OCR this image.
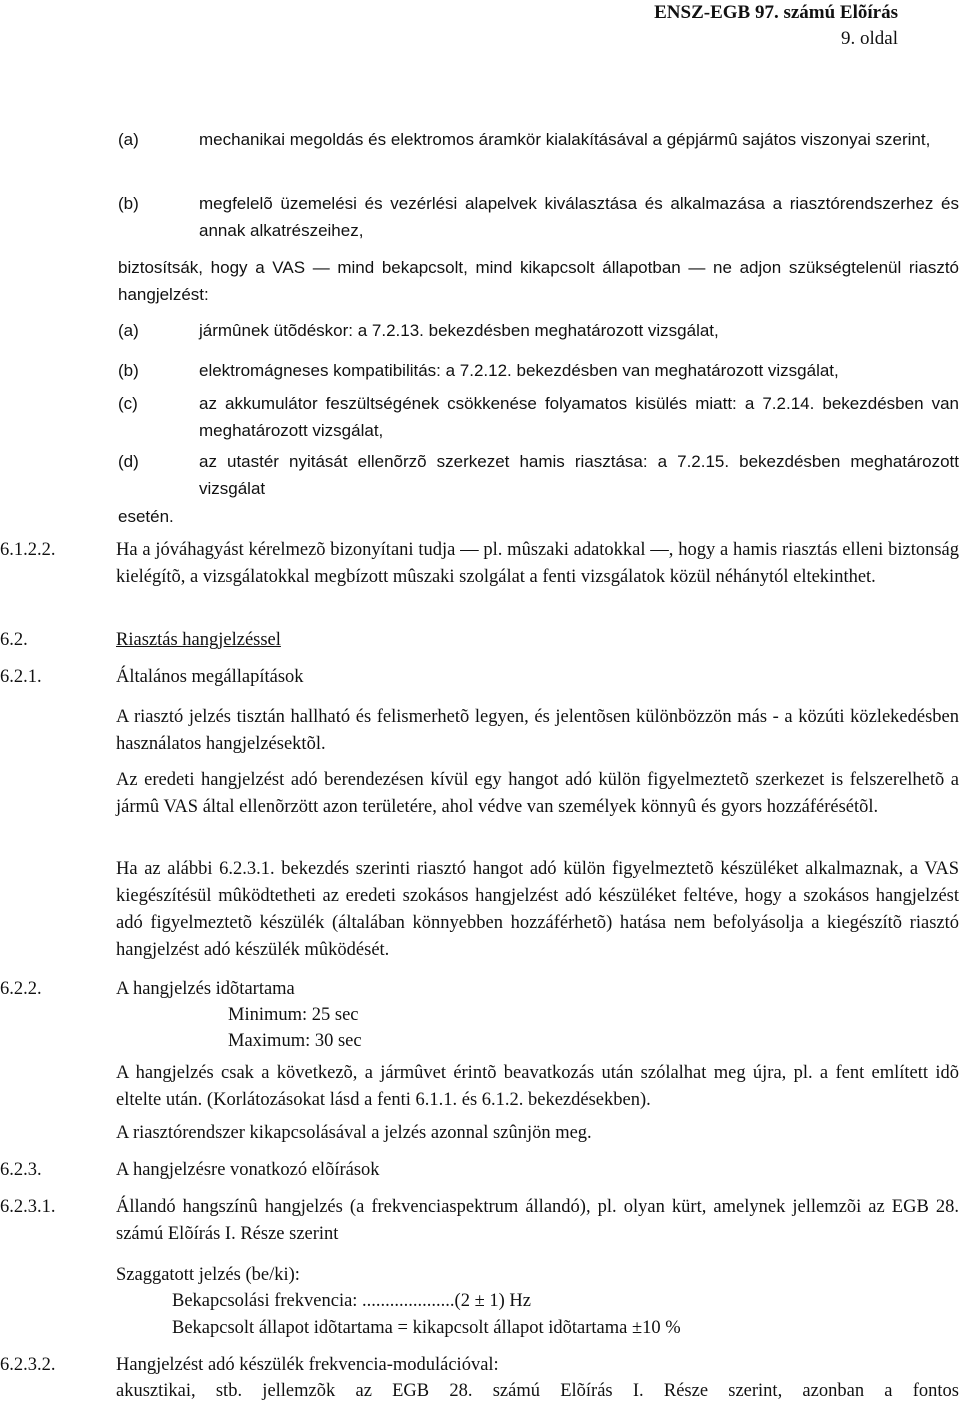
ENSZ-EGB 97. számú Elõírás
9. oldal
(a)	mechanikai megoldás és elektromos áramkör kialakításával a gépjármû sajátos viszonyai szerint,
(b)	megfelelõ üzemelési és vezérlési alapelvek kiválasztása és alkalmazása a riasztórendszerhez és annak alkatrészeihez,
biztosítsák, hogy a VAS — mind bekapcsolt, mind kikapcsolt állapotban — ne adjon szükségtelenül riasztó hangjelzést:
(a)	jármûnek ütõdéskor: a 7.2.13. bekezdésben meghatározott vizsgálat,
(b)	elektromágneses kompatibilitás: a 7.2.12. bekezdésben van meghatározott vizsgálat,
(c)	az akkumulátor feszültségének csökkenése folyamatos kisülés miatt: a 7.2.14. bekezdésben van meghatározott vizsgálat,
(d)	az utastér nyitását ellenõrzõ szerkezet hamis riasztása: a 7.2.15. bekezdésben meghatározott vizsgálat
esetén.
6.1.2.2.	Ha a jóváhagyást kérelmezõ bizonyítani tudja — pl. mûszaki adatokkal —, hogy a hamis riasztás elleni biztonság kielégítõ, a vizsgálatokkal megbízott mûszaki szolgálat a fenti vizsgálatok közül néhánytól eltekinthet.
6.2.	Riasztás hangjelzéssel
6.2.1.	Általános megállapítások
A riasztó jelzés tisztán hallható és felismerhetõ legyen, és jelentõsen különbözzön más - a közúti közlekedésben használatos hangjelzésektõl.
Az eredeti hangjelzést adó berendezésen kívül egy hangot adó külön figyelmeztetõ szerkezet is felszerelhetõ a jármû VAS által ellenõrzött azon területére, ahol védve van személyek könnyû és gyors hozzáférésétõl.
Ha az alábbi 6.2.3.1. bekezdés szerinti riasztó hangot adó külön figyelmeztetõ készüléket alkalmaznak, a VAS kiegészítésül mûködtetheti az eredeti szokásos hangjelzést adó készüléket feltéve, hogy a szokásos hangjelzést adó figyelmeztetõ készülék (általában könnyebben hozzáférhetõ) hatása nem befolyásolja a kiegészítõ riasztó hangjelzést adó készülék mûködését.
6.2.2.	A hangjelzés idõtartama
Minimum: 25 sec
Maximum: 30 sec
A hangjelzés csak a következõ, a jármûvet érintõ beavatkozás után szólalhat meg újra, pl. a fent említett idõ eltelte után. (Korlátozásokat lásd a fenti 6.1.1. és 6.1.2. bekezdésekben).
A riasztórendszer kikapcsolásával a jelzés azonnal szûnjön meg.
6.2.3.	A hangjelzésre vonatkozó elõírások
6.2.3.1.	Állandó hangszínû hangjelzés (a frekvenciaspektrum állandó), pl. olyan kürt, amelynek jellemzõi az EGB 28. számú Elõírás I. Része szerint
Szaggatott jelzés (be/ki):
Bekapcsolási frekvencia: ....................(2 ± 1) Hz
Bekapcsolt állapot idõtartama = kikapcsolt állapot idõtartama ±10 %
6.2.3.2.	Hangjelzést adó készülék frekvencia-modulációval:
akusztikai, stb. jellemzõk az EGB 28. számú Elõírás I. Része szerint, azonban a fontos
